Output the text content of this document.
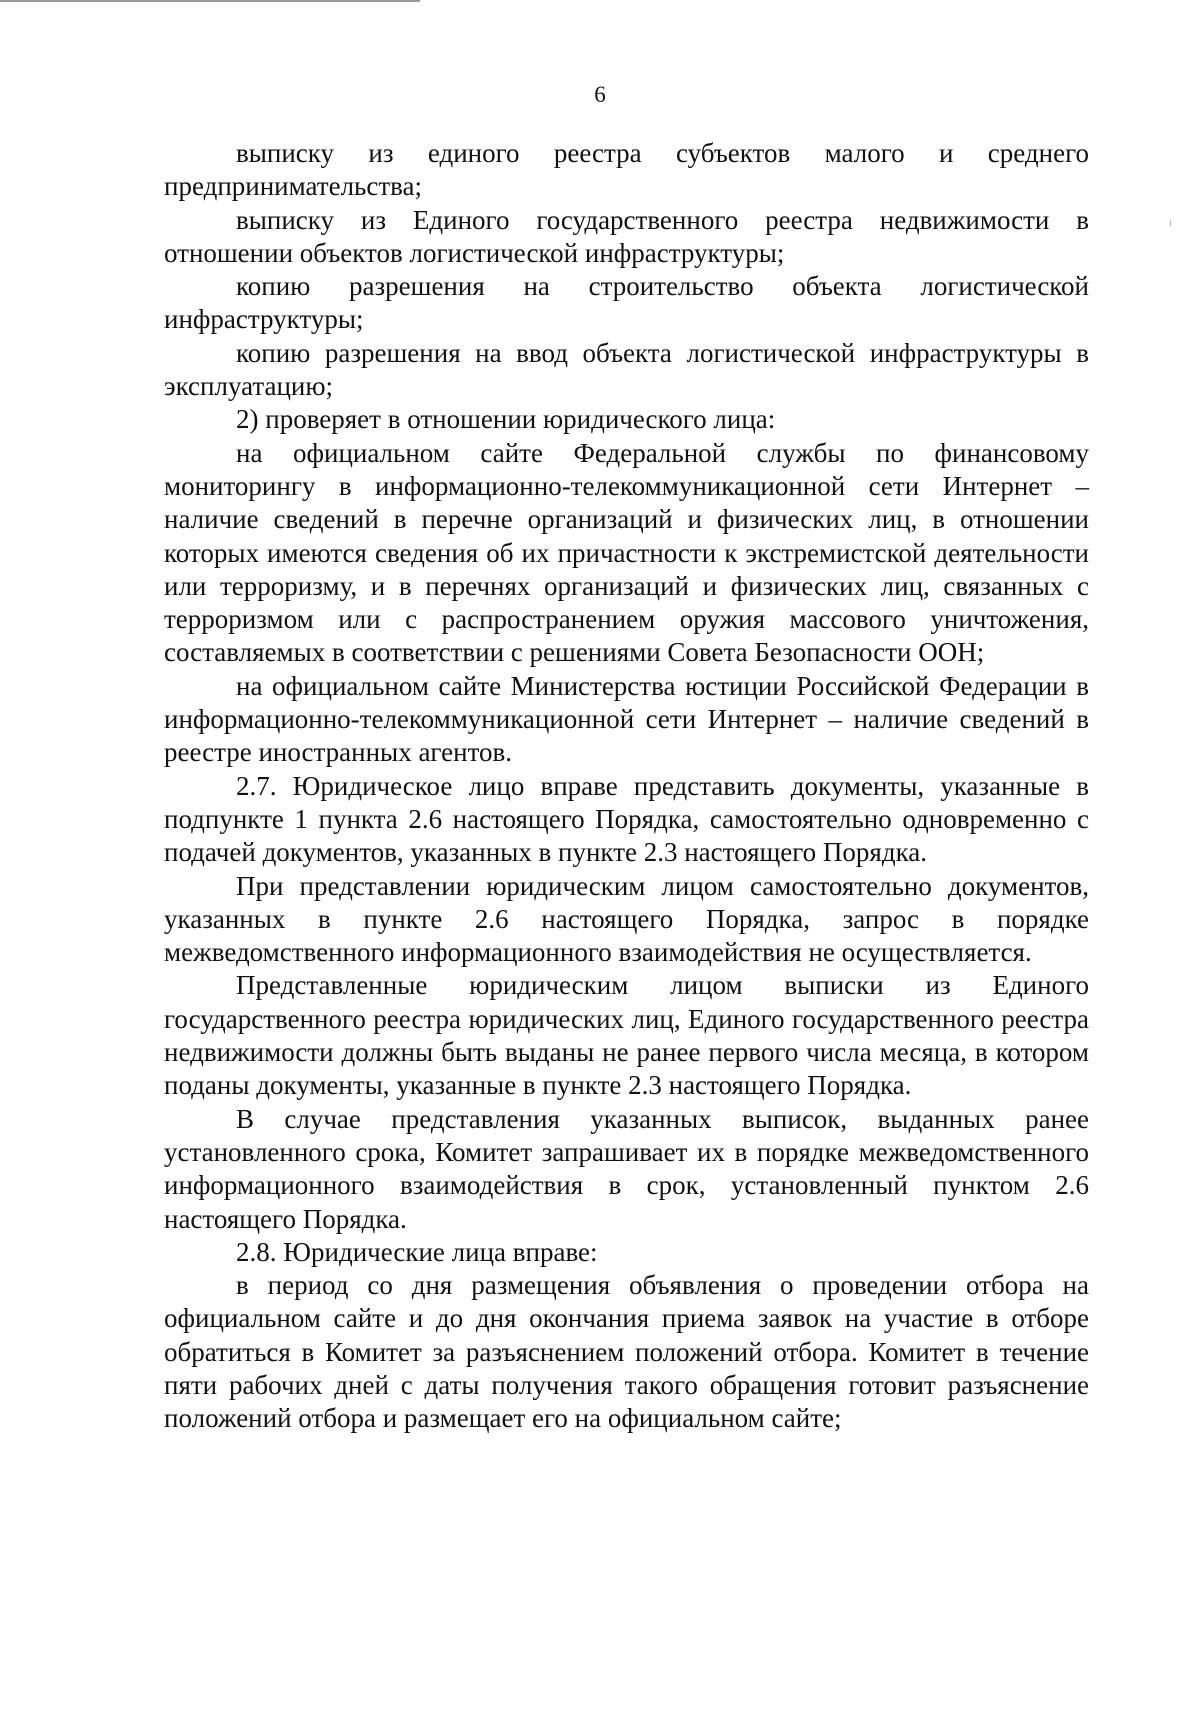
6

выписку из единого реестра субъектов малого и среднего предпринимательства;

выписку из Единого государственного реестра недвижимости в отношении объектов логистической инфраструктуры;

копию разрешения на строительство объекта логистической инфраструктуры;

копию разрешения на ввод объекта логистической инфраструктуры в эксплуатацию;

2) проверяет в отношении юридического лица:

на официальном сайте Федеральной службы по финансовому мониторингу в информационно-телекоммуникационной сети Интернет – наличие сведений в перечне организаций и физических лиц, в отношении которых имеются сведения об их причастности к экстремистской деятельности или терроризму, и в перечнях организаций и физических лиц, связанных с терроризмом или с распространением оружия массового уничтожения, составляемых в соответствии с решениями Совета Безопасности ООН;

на официальном сайте Министерства юстиции Российской Федерации в информационно-телекоммуникационной сети Интернет – наличие сведений в реестре иностранных агентов.

2.7. Юридическое лицо вправе представить документы, указанные в подпункте 1 пункта 2.6 настоящего Порядка, самостоятельно одновременно с подачей документов, указанных в пункте 2.3 настоящего Порядка.

При представлении юридическим лицом самостоятельно документов, указанных в пункте 2.6 настоящего Порядка, запрос в порядке межведомственного информационного взаимодействия не осуществляется.

Представленные юридическим лицом выписки из Единого государственного реестра юридических лиц, Единого государственного реестра недвижимости должны быть выданы не ранее первого числа месяца, в котором поданы документы, указанные в пункте 2.3 настоящего Порядка.

В случае представления указанных выписок, выданных ранее установленного срока, Комитет запрашивает их в порядке межведомственного информационного взаимодействия в срок, установленный пунктом 2.6 настоящего Порядка.

2.8. Юридические лица вправе:

в период со дня размещения объявления о проведении отбора на официальном сайте и до дня окончания приема заявок на участие в отборе обратиться в Комитет за разъяснением положений отбора. Комитет в течение пяти рабочих дней с даты получения такого обращения готовит разъяснение положений отбора и размещает его на официальном сайте;
